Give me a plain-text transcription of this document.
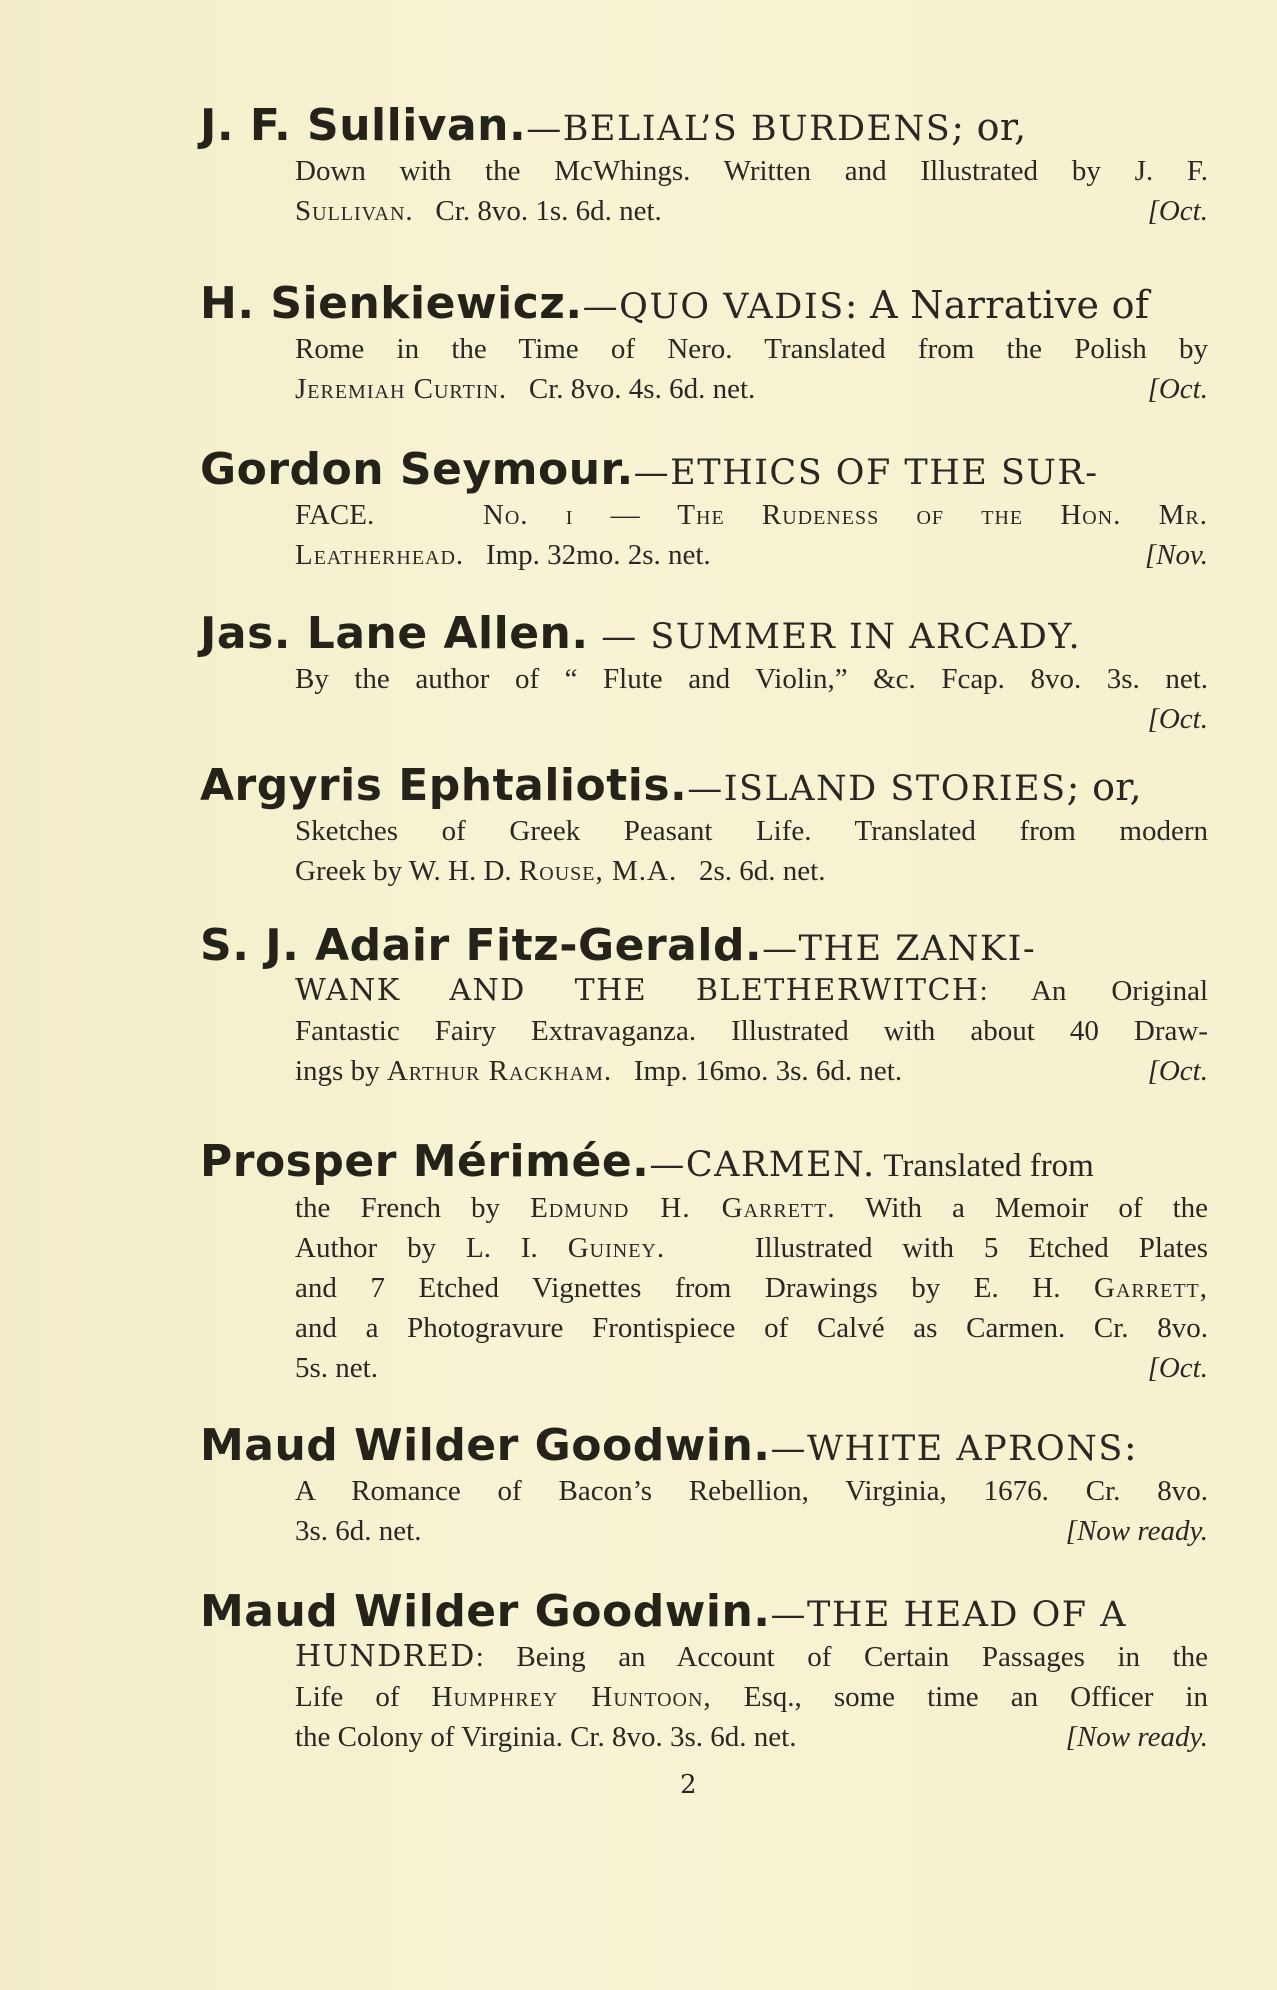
J. F. Sullivan.—BELIAL’S BURDENS; or,
Down with the McWhings. Written and Illustrated by J. F.
Sullivan. Cr. 8vo. 1s. 6d. net.	[Oct.
H. Sienkiewicz.—QUO VADIS: A Narrative of
Rome in the Time of Nero. Translated from the Polish by
Jeremiah Curtin. Cr. 8vo. 4s. 6d. net.	[Oct.
Gordon Seymour.—ETHICS OF THE SUR-
FACE.	No. i — The Rudeness of the Hon. Mr.
Leatherhead. Imp. 32mo. 2s. net.	[Nov.
Jas. Lane Allen. — SUMMER IN ARCADY.
By the author of “ Flute and Violin,” &c. Fcap. 8vo. 3s. net.
[Oct.
Argyris Ephtaliotis.—ISLAND STORIES; or,
Sketches of Greek Peasant Life. Translated from modern
Greek by W. H. D. Rouse, M.A. 2s. 6d. net.
S. J. Adair Fitz-Gerald.—THE ZANKI-
WANK AND THE BLETHERWITCH: An Original
Fantastic Fairy Extravaganza. Illustrated with about 40 Draw-
ings by Arthur Rackham. Imp. 16mo. 3s. 6d. net.	[Oct.
Prosper Mérimée.—CARMEN. Translated from
the French by Edmund H. Garrett. With a Memoir of the
Author by L. I. Guiney.	Illustrated with 5 Etched Plates
and 7 Etched Vignettes from Drawings by E. H. Garrett,
and a Photogravure Frontispiece of Calvé as Carmen. Cr. 8vo.
5s. net.	[Oct.
Maud Wilder Goodwin.—WHITE APRONS:
A Romance of Bacon’s Rebellion, Virginia, 1676. Cr. 8vo.
3s. 6d. net.	[Now ready.
Maud Wilder Goodwin.—THE HEAD OF A
HUNDRED: Being an Account of Certain Passages in the
Life of Humphrey Huntoon, Esq., some time an Officer in
the Colony of Virginia. Cr. 8vo. 3s. 6d. net.	[Now ready.
2
